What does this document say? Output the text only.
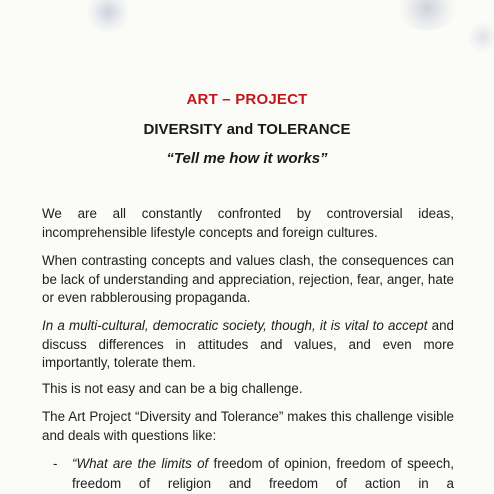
ART – PROJECT
DIVERSITY and TOLERANCE
“Tell me how it works”

We are all constantly confronted by controversial ideas, incomprehensible lifestyle concepts and foreign cultures.

When contrasting concepts and values clash, the consequences can be lack of understanding and appreciation, rejection, fear, anger, hate or even rabblerousing propaganda.

In a multi-cultural, democratic society, though, it is vital to accept and discuss differences in attitudes and values, and even more importantly, tolerate them.

This is not easy and can be a big challenge.

The Art Project “Diversity and Tolerance” makes this challenge visible and deals with questions like:

- “What are the limits of freedom of opinion, freedom of speech, freedom of religion and freedom of action in a
